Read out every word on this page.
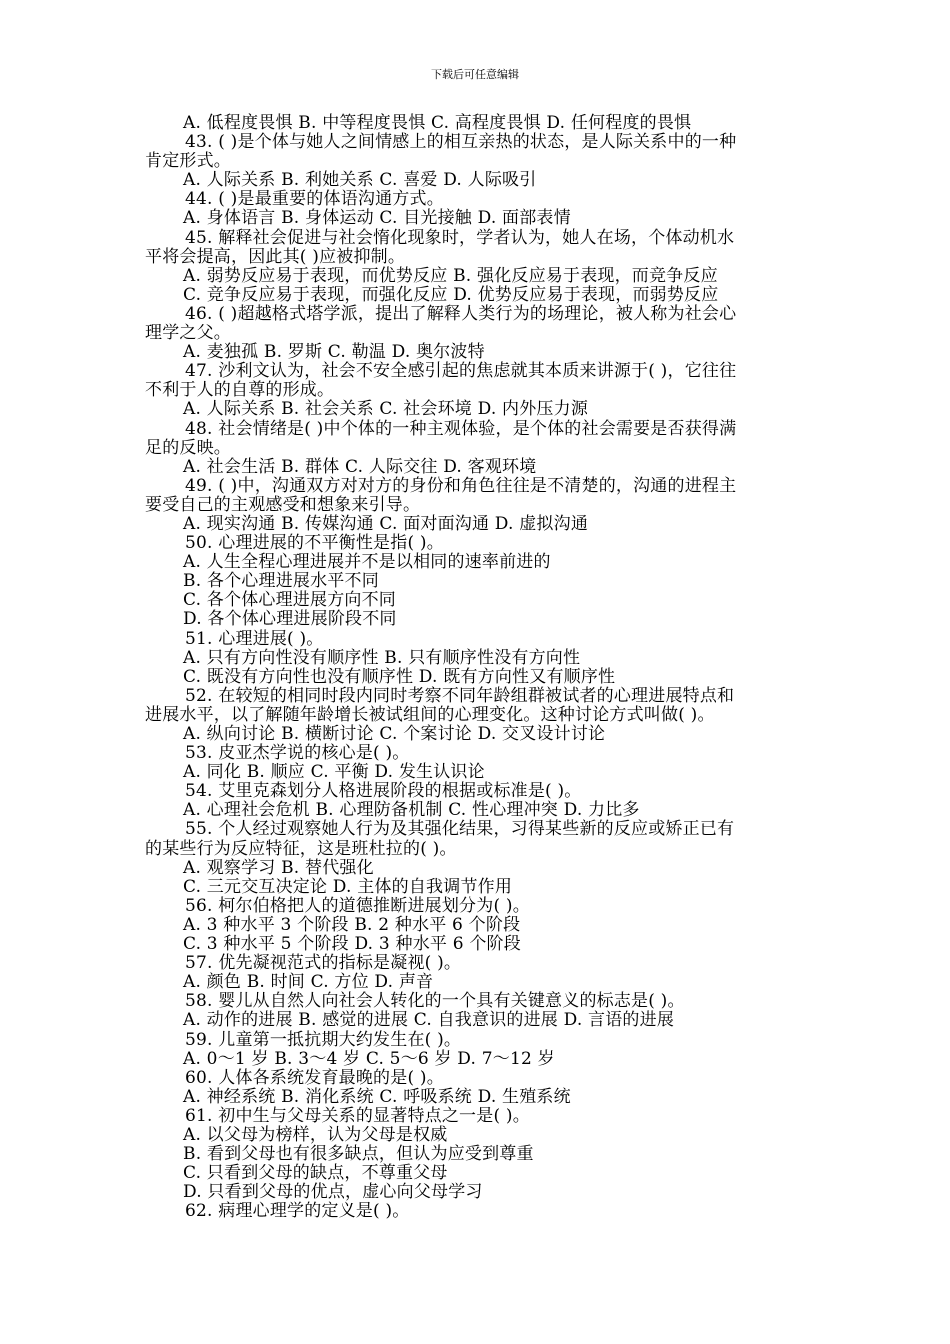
下载后可任意编辑
A. 低程度畏惧 B. 中等程度畏惧 C. 高程度畏惧 D. 任何程度的畏惧
43. ( )是个体与她人之间情感上的相互亲热的状态，是人际关系中的一种
肯定形式。
A. 人际关系 B. 利她关系 C. 喜爱 D. 人际吸引
44. ( )是最重要的体语沟通方式。
A. 身体语言 B. 身体运动 C. 目光接触 D. 面部表情
45. 解释社会促进与社会惰化现象时，学者认为，她人在场，个体动机水
平将会提高，因此其( )应被抑制。
A. 弱势反应易于表现，而优势反应 B. 强化反应易于表现，而竞争反应
C. 竞争反应易于表现，而强化反应 D. 优势反应易于表现，而弱势反应
46. ( )超越格式塔学派，提出了解释人类行为的场理论，被人称为社会心
理学之父。
A. 麦独孤 B. 罗斯 C. 勒温 D. 奥尔波特
47. 沙利文认为，社会不安全感引起的焦虑就其本质来讲源于( )，它往往
不利于人的自尊的形成。
A. 人际关系 B. 社会关系 C. 社会环境 D. 内外压力源
48. 社会情绪是( )中个体的一种主观体验，是个体的社会需要是否获得满
足的反映。
A. 社会生活 B. 群体 C. 人际交往 D. 客观环境
49. ( )中，沟通双方对对方的身份和角色往往是不清楚的，沟通的进程主
要受自己的主观感受和想象来引导。
A. 现实沟通 B. 传媒沟通 C. 面对面沟通 D. 虚拟沟通
50. 心理进展的不平衡性是指( )。
A. 人生全程心理进展并不是以相同的速率前进的
B. 各个心理进展水平不同
C. 各个体心理进展方向不同
D. 各个体心理进展阶段不同
51. 心理进展( )。
A. 只有方向性没有顺序性 B. 只有顺序性没有方向性
C. 既没有方向性也没有顺序性 D. 既有方向性又有顺序性
52. 在较短的相同时段内同时考察不同年龄组群被试者的心理进展特点和
进展水平，以了解随年龄增长被试组间的心理变化。这种讨论方式叫做( )。
A. 纵向讨论 B. 横断讨论 C. 个案讨论 D. 交叉设计讨论
53. 皮亚杰学说的核心是( )。
A. 同化 B. 顺应 C. 平衡 D. 发生认识论
54. 艾里克森划分人格进展阶段的根据或标准是( )。
A. 心理社会危机 B. 心理防备机制 C. 性心理冲突 D. 力比多
55. 个人经过观察她人行为及其强化结果，习得某些新的反应或矫正已有
的某些行为反应特征，这是班杜拉的( )。
A. 观察学习 B. 替代强化
C. 三元交互决定论 D. 主体的自我调节作用
56. 柯尔伯格把人的道德推断进展划分为( )。
A. 3 种水平 3 个阶段 B. 2 种水平 6 个阶段
C. 3 种水平 5 个阶段 D. 3 种水平 6 个阶段
57. 优先凝视范式的指标是凝视( )。
A. 颜色 B. 时间 C. 方位 D. 声音
58. 婴儿从自然人向社会人转化的一个具有关键意义的标志是( )。
A. 动作的进展 B. 感觉的进展 C. 自我意识的进展 D. 言语的进展
59. 儿童第一抵抗期大约发生在( )。
A. 0～1 岁 B. 3～4 岁 C. 5～6 岁 D. 7～12 岁
60. 人体各系统发育最晚的是( )。
A. 神经系统 B. 消化系统 C. 呼吸系统 D. 生殖系统
61. 初中生与父母关系的显著特点之一是( )。
A. 以父母为榜样，认为父母是权威
B. 看到父母也有很多缺点，但认为应受到尊重
C. 只看到父母的缺点，不尊重父母
D. 只看到父母的优点，虚心向父母学习
62. 病理心理学的定义是( )。
